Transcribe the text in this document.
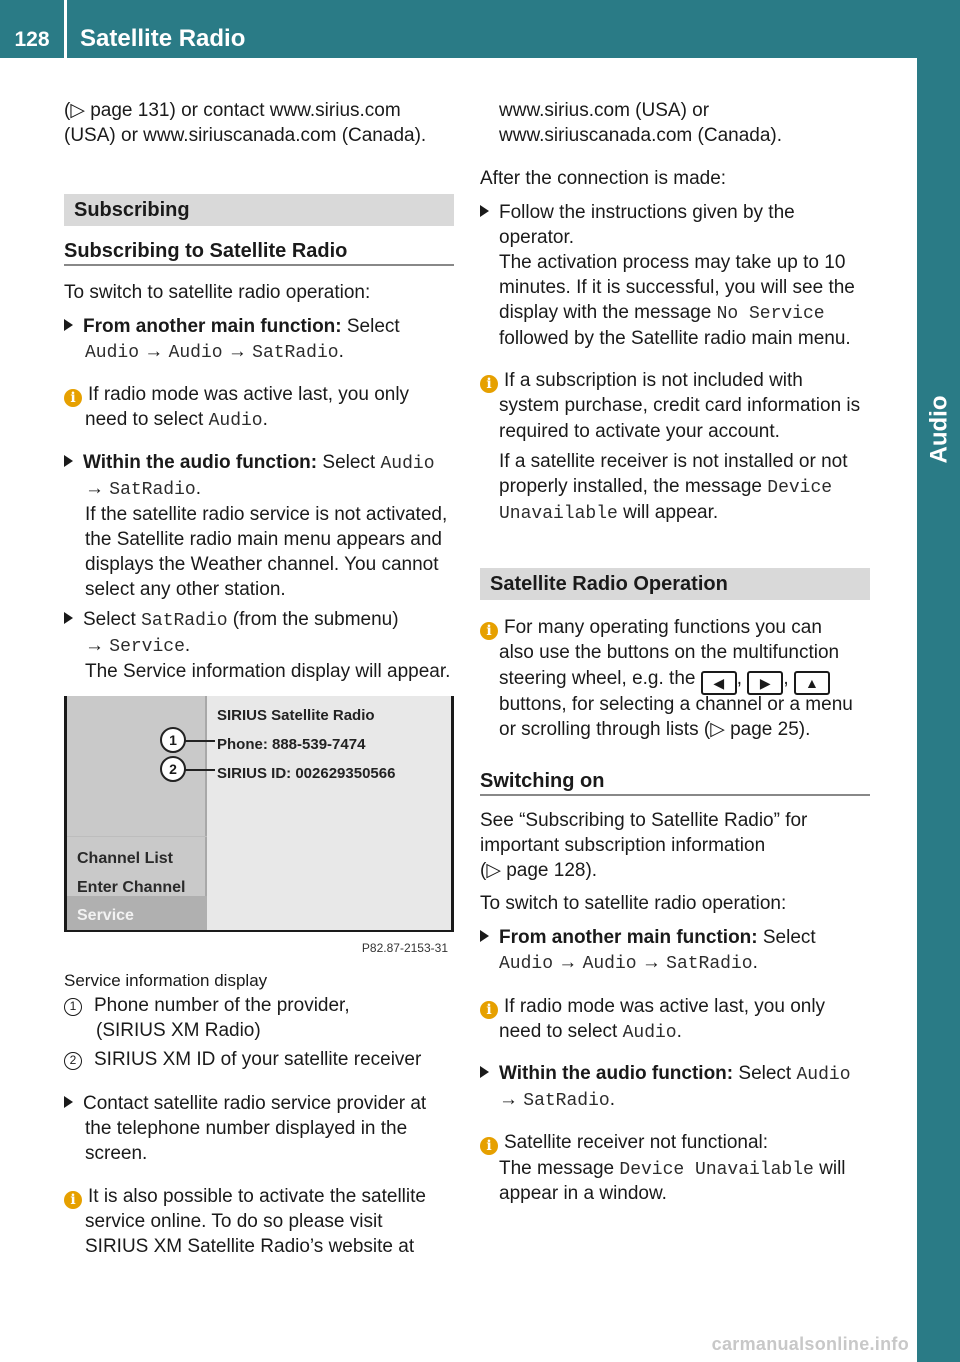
128	Satellite Radio
Audio
(▷ page 131) or contact www.sirius.com
(USA) or www.siriuscanada.com (Canada).
Subscribing
Subscribing to Satellite Radio
To switch to satellite radio operation:
From another main function: Select
Audio → Audio → SatRadio.
i If radio mode was active last, you only
need to select Audio.
Within the audio function: Select Audio
→ SatRadio.
If the satellite radio service is not activated,
the Satellite radio main menu appears and
displays the Weather channel. You cannot
select any other station.
Select SatRadio (from the submenu)
→ Service.
The Service information display will appear.
Channel List
Enter Channel
Service
SIRIUS Satellite Radio
Phone: 888-539-7474
SIRIUS ID: 002629350566
1
2
P82.87-2153-31
Service information display
1 Phone number of the provider,
(SIRIUS XM Radio)
2 SIRIUS XM ID of your satellite receiver
Contact satellite radio service provider at
the telephone number displayed in the
screen.
i It is also possible to activate the satellite
service online. To do so please visit
SIRIUS XM Satellite Radio’s website at
www.sirius.com (USA) or
www.siriuscanada.com (Canada).
After the connection is made:
Follow the instructions given by the
operator.
The activation process may take up to 10
minutes. If it is successful, you will see the
display with the message No Service
followed by the Satellite radio main menu.
i If a subscription is not included with
system purchase, credit card information is
required to activate your account.
If a satellite receiver is not installed or not
properly installed, the message Device
Unavailable will appear.
Satellite Radio Operation
i For many operating functions you can
also use the buttons on the multifunction
steering wheel, e.g. the ◀ , ▶ , ▲
buttons, for selecting a channel or a menu
or scrolling through lists (▷ page 25).
Switching on
See “Subscribing to Satellite Radio” for
important subscription information
(▷ page 128).
To switch to satellite radio operation:
From another main function: Select
Audio → Audio → SatRadio.
i If radio mode was active last, you only
need to select Audio.
Within the audio function: Select Audio
→ SatRadio.
i Satellite receiver not functional:
The message Device Unavailable will
appear in a window.
carmanualsonline.info
